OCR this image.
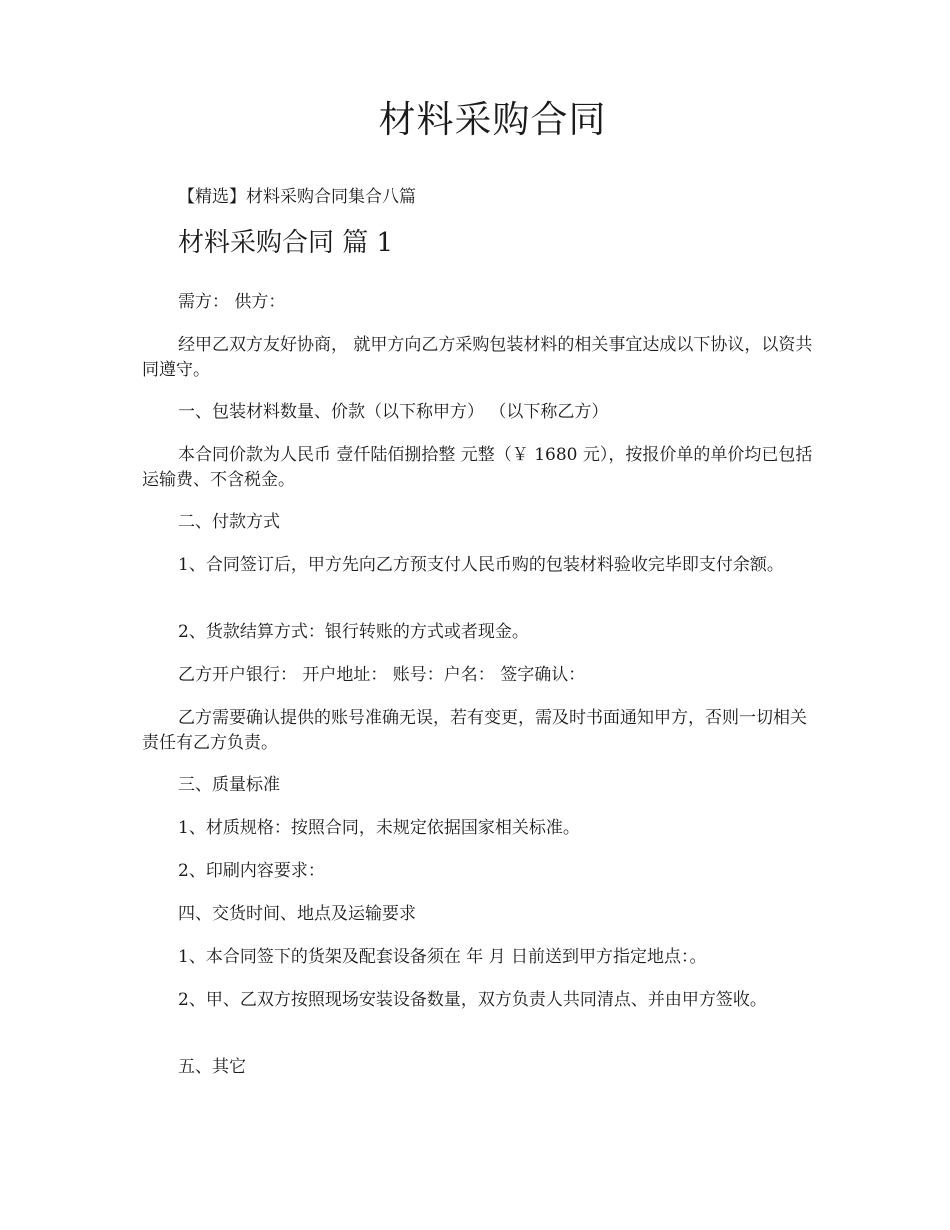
材料采购合同
【精选】材料采购合同集合八篇
材料采购合同 篇 1

需方： 供方：

经甲乙双方友好协商， 就甲方向乙方采购包装材料的相关事宜达成以下协议，以资共同遵守。

一、包装材料数量、价款（以下称甲方） （以下称乙方）

本合同价款为人民币 壹仟陆佰捌拾整 元整（￥ 1680 元），按报价单的单价均已包括运输费、不含税金。

二、付款方式

1、合同签订后，甲方先向乙方预支付人民币购的包装材料验收完毕即支付余额。

2、货款结算方式：银行转账的方式或者现金。

乙方开户银行： 开户地址： 账号：户名： 签字确认：

乙方需要确认提供的账号准确无误，若有变更，需及时书面通知甲方，否则一切相关责任有乙方负责。

三、质量标准

1、材质规格：按照合同，未规定依据国家相关标准。

2、印刷内容要求：

四、交货时间、地点及运输要求

1、本合同签下的货架及配套设备须在 年 月 日前送到甲方指定地点：。

2、甲、乙双方按照现场安装设备数量，双方负责人共同清点、并由甲方签收。

五、其它
